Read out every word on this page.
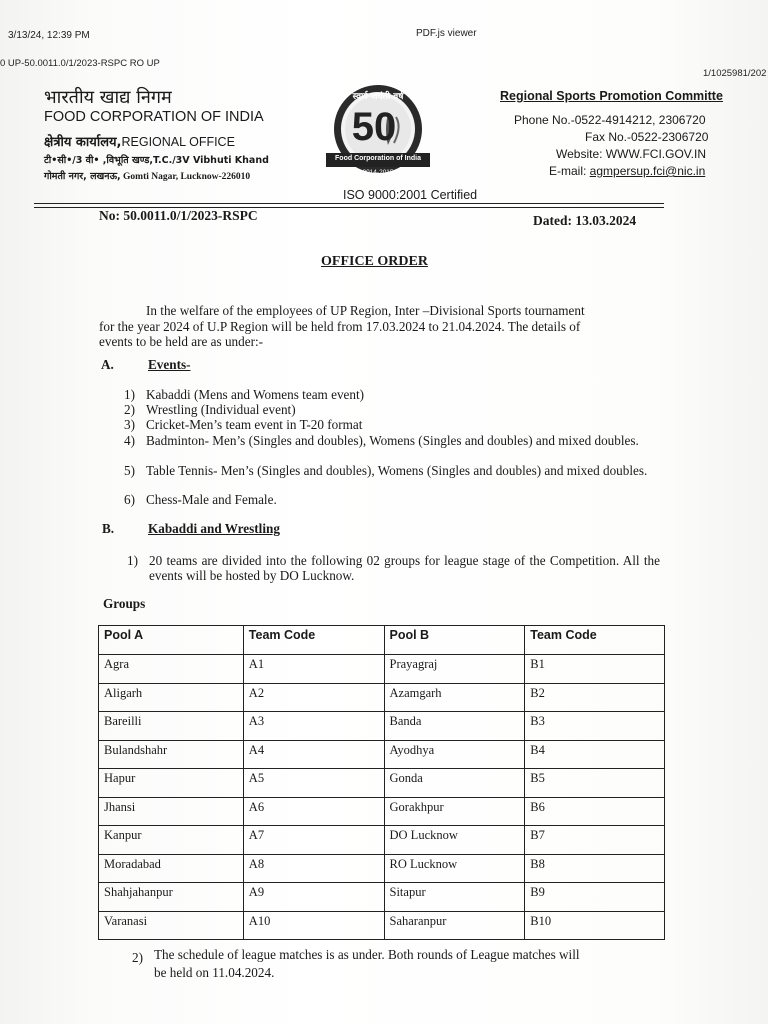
3/13/24, 12:39 PM	PDF.js viewer
0 UP-50.0011.0/1/2023-RSPC RO UP
1/1025981/202
भारतीय खाद्य निगम
FOOD CORPORATION OF INDIA
क्षेत्रीय कार्यालय,REGIONAL OFFICE
टी•सी•/3 वी• ,विभूति खण्ड,T.C./3V Vibhuti Khand
गोमती नगर, लखनऊ, Gomti Nagar, Lucknow-226010
स्वर्ण जयंती वर्ष
50
Food Corporation of India
2014-2015
ISO 9000:2001 Certified
Regional Sports Promotion Committe
Phone No.-0522-4914212, 2306720
Fax No.-0522-2306720
Website: WWW.FCI.GOV.IN
E-mail: agmpersup.fci@nic.in
No: 50.0011.0/1/2023-RSPC	Dated: 13.03.2024
OFFICE ORDER
In the welfare of the employees of UP Region, Inter –Divisional Sports tournament
for the year 2024 of U.P Region will be held from 17.03.2024 to 21.04.2024. The details of
events to be held are as under:-
A.	Events-
1) Kabaddi (Mens and Womens team event)
2) Wrestling (Individual event)
3) Cricket-Men’s team event in T-20 format
4) Badminton- Men’s (Singles and doubles), Womens (Singles and doubles) and mixed doubles.
5) Table Tennis- Men’s (Singles and doubles), Womens (Singles and doubles) and mixed doubles.
6) Chess-Male and Female.
B.	Kabaddi and Wrestling
1) 20 teams are divided into the following 02 groups for league stage of the Competition. All the events will be hosted by DO Lucknow.
Groups
Pool A	Team Code	Pool B	Team Code
Agra	A1	Prayagraj	B1
Aligarh	A2	Azamgarh	B2
Bareilli	A3	Banda	B3
Bulandshahr	A4	Ayodhya	B4
Hapur	A5	Gonda	B5
Jhansi	A6	Gorakhpur	B6
Kanpur	A7	DO Lucknow	B7
Moradabad	A8	RO Lucknow	B8
Shahjahanpur	A9	Sitapur	B9
Varanasi	A10	Saharanpur	B10
2) The schedule of league matches is as under. Both rounds of League matches will
be held on 11.04.2024.
